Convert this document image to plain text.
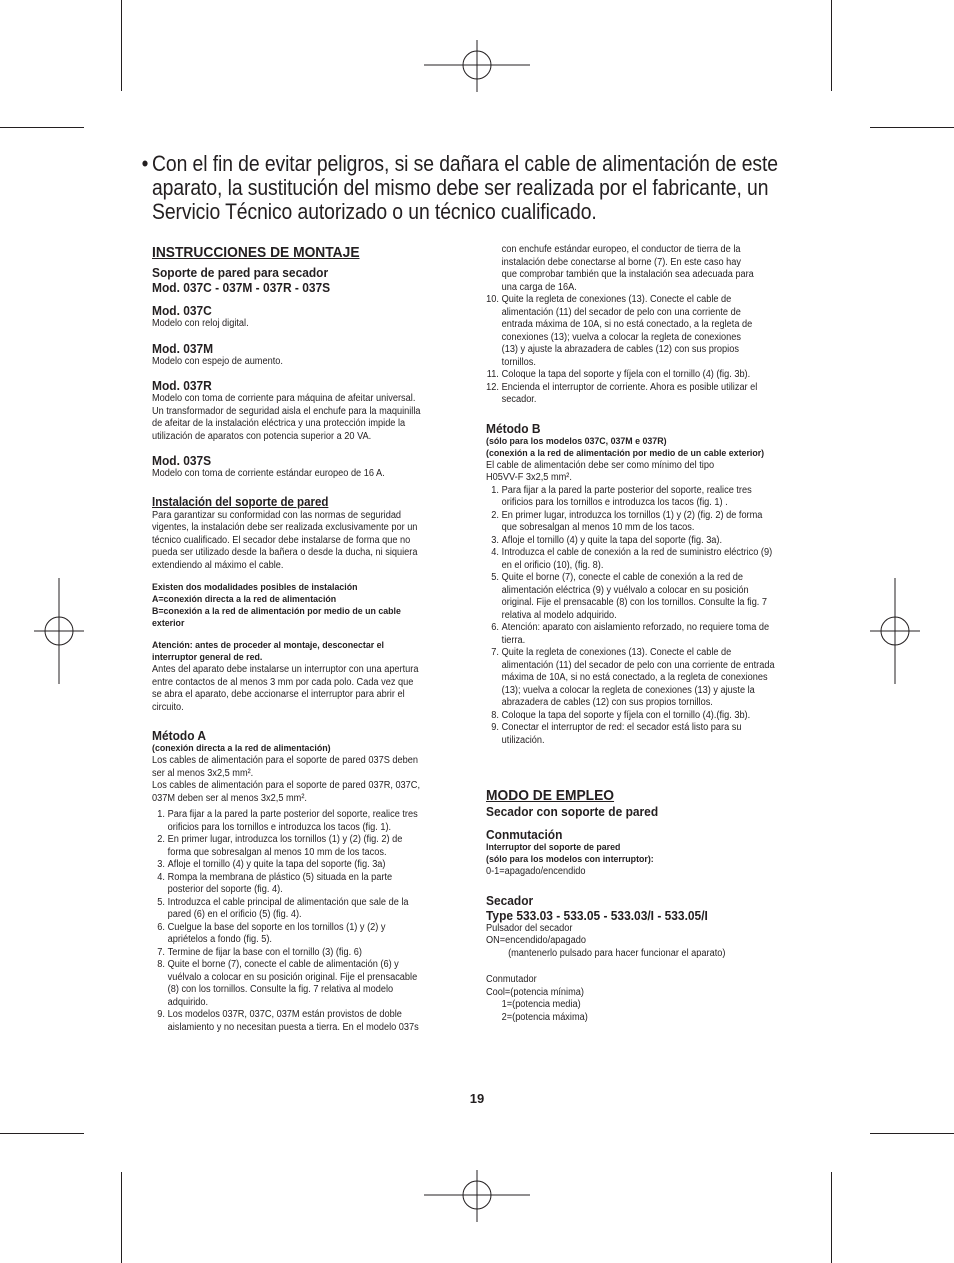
• Con el fin de evitar peligros, si se dañara el cable de alimentación de este
aparato, la sustitución del mismo debe ser realizada por el fabricante, un
Servicio Técnico autorizado o un técnico cualificado.
INSTRUCCIONES DE MONTAJE
Soporte de pared para secador
Mod. 037C - 037M - 037R - 037S
Mod. 037C
Modelo con reloj digital.
Mod. 037M
Modelo con espejo de aumento.
Mod. 037R
Modelo con toma de corriente para máquina de afeitar universal.
Un transformador de seguridad aisla el enchufe para la maquinilla
de afeitar de la instalación eléctrica y una protección impide la
utilización de aparatos con potencia superior a 20 VA.
Mod. 037S
Modelo con toma de corriente estándar europeo de 16 A.
Instalación del soporte de pared
Para garantizar su conformidad con las normas de seguridad
vigentes, la instalación debe ser realizada exclusivamente por un
técnico cualificado. El secador debe instalarse de forma que no
pueda ser utilizado desde la bañera o desde la ducha, ni siquiera
extendiendo al máximo el cable.
Existen dos modalidades posibles de instalación
A=conexión directa a la red de alimentación
B=conexión a la red de alimentación por medio de un cable
exterior
Atención: antes de proceder al montaje, desconectar el
interruptor general de red.
Antes del aparato debe instalarse un interruptor con una apertura
entre contactos de al menos 3 mm por cada polo. Cada vez que
se abra el aparato, debe accionarse el interruptor para abrir el
circuito.
Método A
(conexión directa a la red de alimentación)
Los cables de alimentación para el soporte de pared 037S deben
ser al menos 3x2,5 mm².
Los cables de alimentación para el soporte de pared 037R, 037C,
037M deben ser al menos 3x2,5 mm².
1. Para fijar a la pared la parte posterior del soporte, realice tres
orificios para los tornillos e introduzca los tacos (fig. 1).
2. En primer lugar, introduzca los tornillos (1) y (2) (fig. 2) de
forma que sobresalgan al menos 10 mm de los tacos.
3. Afloje el tornillo (4) y quite la tapa del soporte (fig. 3a)
4. Rompa la membrana de plástico (5) situada en la parte
posterior del soporte (fig. 4).
5. Introduzca el cable principal de alimentación que sale de la
pared (6) en el orificio (5) (fig. 4).
6. Cuelgue la base del soporte en los tornillos (1) y (2) y
apriételos a fondo (fig. 5).
7. Termine de fijar la base con el tornillo (3) (fig. 6)
8. Quite el borne (7), conecte el cable de alimentación (6) y
vuélvalo a colocar en su posición original. Fije el prensacable
(8) con los tornillos. Consulte la fig. 7 relativa al modelo
adquirido.
9. Los modelos 037R, 037C, 037M están provistos de doble
aislamiento y no necesitan puesta a tierra. En el modelo 037s
con enchufe estándar europeo, el conductor de tierra de la
instalación debe conectarse al borne (7). En este caso hay
que comprobar también que la instalación sea adecuada para
una carga de 16A.
10. Quite la regleta de conexiones (13). Conecte el cable de
alimentación (11) del secador de pelo con una corriente de
entrada máxima de 10A, si no está conectado, a la regleta de
conexiones (13); vuelva a colocar la regleta de conexiones
(13) y ajuste la abrazadera de cables (12) con sus propios
tornillos.
11. Coloque la tapa del soporte y fíjela con el tornillo (4) (fig. 3b).
12. Encienda el interruptor de corriente. Ahora es posible utilizar el
secador.
Método B
(sólo para los modelos 037C, 037M e 037R)
(conexión a la red de alimentación por medio de un cable exterior)
El cable de alimentación debe ser como mínimo del tipo
H05VV-F 3x2,5 mm².
1. Para fijar a la pared la parte posterior del soporte, realice tres
orificios para los tornillos e introduzca los tacos (fig. 1) .
2. En primer lugar, introduzca los tornillos (1) y (2) (fig. 2) de forma
que sobresalgan al menos 10 mm de los tacos.
3. Afloje el tornillo (4) y quite la tapa del soporte (fig. 3a).
4. Introduzca el cable de conexión a la red de suministro eléctrico (9)
en el orificio (10), (fig. 8).
5. Quite el borne (7), conecte el cable de conexión a la red de
alimentación eléctrica (9) y vuélvalo a colocar en su posición
original. Fije el prensacable (8) con los tornillos. Consulte la fig. 7
relativa al modelo adquirido.
6. Atención: aparato con aislamiento reforzado, no requiere toma de
tierra.
7. Quite la regleta de conexiones (13). Conecte el cable de
alimentación (11) del secador de pelo con una corriente de entrada
máxima de 10A, si no está conectado, a la regleta de conexiones
(13); vuelva a colocar la regleta de conexiones (13) y ajuste la
abrazadera de cables (12) con sus propios tornillos.
8. Coloque la tapa del soporte y fíjela con el tornillo (4).(fig. 3b).
9. Conectar el interruptor de red: el secador está listo para su
utilización.
MODO DE EMPLEO
Secador con soporte de pared
Conmutación
Interruptor del soporte de pared
(sólo para los modelos con interruptor):
0-1=apagado/encendido
Secador
Type 533.03 - 533.05 - 533.03/I - 533.05/I
Pulsador del secador
ON=encendido/apagado
(mantenerlo pulsado para hacer funcionar el aparato)
Conmutador
Cool=(potencia mínima)
1=(potencia media)
2=(potencia máxima)
19
